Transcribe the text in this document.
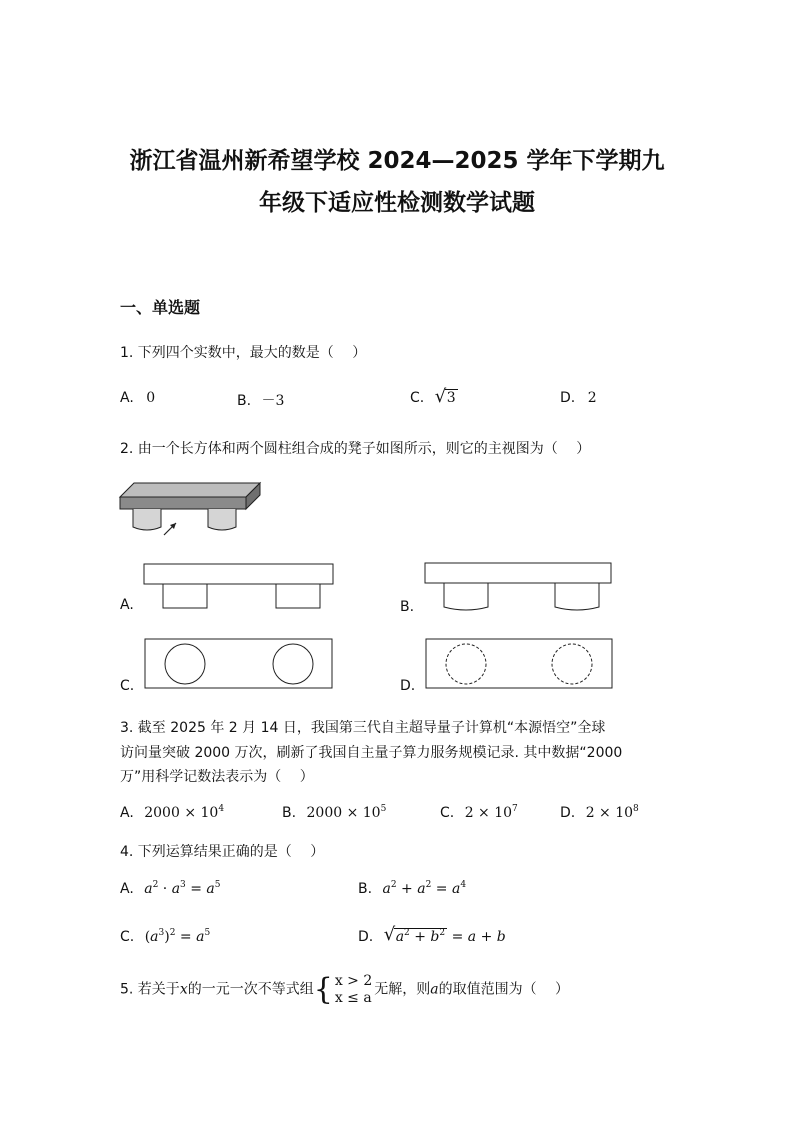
浙江省温州新希望学校 2024—2025 学年下学期九
年级下适应性检测数学试题
一、单选题
1. 下列四个实数中，最大的数是（　 ）
A. 0	B. －3	C. √ 3	D. 2
2. 由一个长方体和两个圆柱组合成的凳子如图所示，则它的主视图为（　 ）
A.	B.
C.	D.
3. 截至 2025 年 2 月 14 日，我国第三代自主超导量子计算机“本源悟空”全球
访问量突破 2000 万次，刷新了我国自主量子算力服务规模记录. 其中数据“2000
万”用科学记数法表示为（　 ）
A. $2000 \times 10^4$	B. $2000 \times 10^5$	C. $2 \times 10^7$	D. $2 \times 10^8$
4. 下列运算结果正确的是（　 ）
A. $a^2 \cdot a^3 = a^5$	B. $a^2 + a^2 = a^4$
C. $(a^3)^2 = a^5$	D. √ $a^2 + b^2 = a + b$
5. 若关于x的一元一次不等式组{ x > 2
x ≤ a 无解，则a的取值范围为（　 ）
